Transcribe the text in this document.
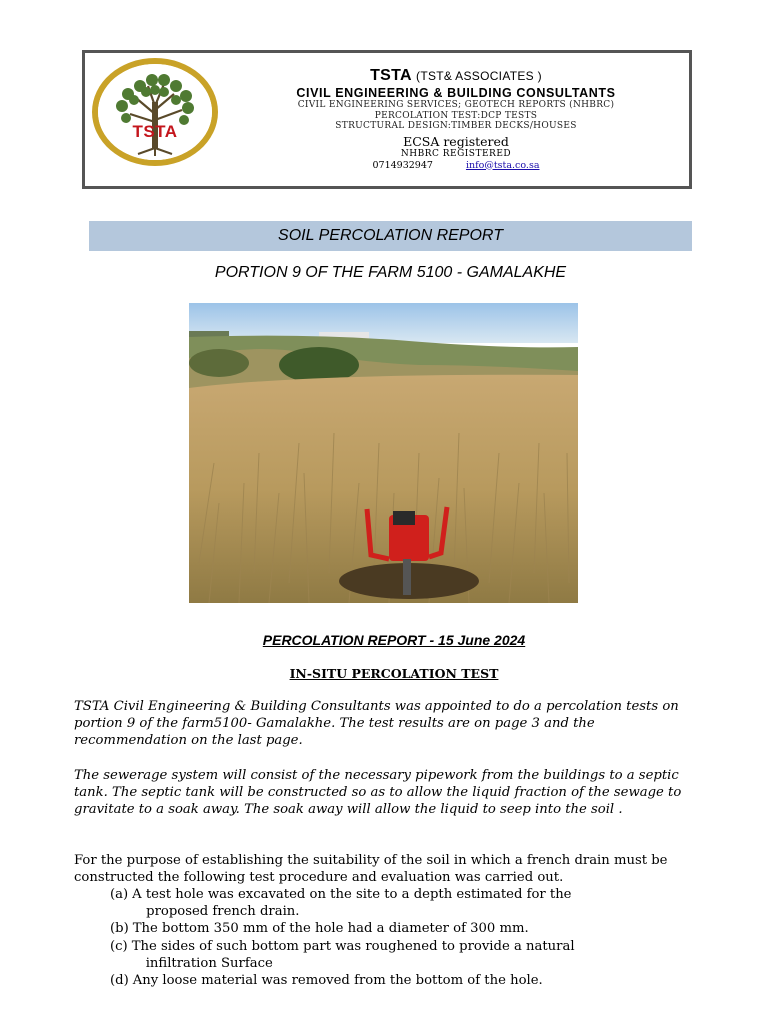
TSTA
TSTA (TST& ASSOCIATES )
CIVIL ENGINEERING & BUILDING CONSULTANTS
CIVIL ENGINEERING SERVICES; GEOTECH REPORTS (NHBRC)
PERCOLATION TEST:DCP TESTS
STRUCTURAL DESIGN:TIMBER DECKS/HOUSES
ECSA registered
NHBRC REGISTERED
0714932947	info@tsta.co.sa
SOIL PERCOLATION REPORT
PORTION 9 OF THE FARM 5100 - GAMALAKHE
PERCOLATION REPORT - 15 June 2024
IN-SITU PERCOLATION TEST
TSTA Civil Engineering & Building Consultants was appointed to do a percolation tests on portion 9 of the farm5100- Gamalakhe. The test results are on page 3 and the recommendation on the last page.
The sewerage system will consist of the necessary pipework from the buildings to a septic tank. The septic tank will be constructed so as to allow the liquid fraction of the sewage to gravitate to a soak away. The soak away will allow the liquid to seep into the soil .
For the purpose of establishing the suitability of the soil in which a french drain must be constructed the following test procedure and evaluation was carried out.
(a) A test hole was excavated on the site to a depth estimated for the
proposed french drain.
(b) The bottom 350 mm of the hole had a diameter of 300 mm.
(c) The sides of such bottom part was roughened to provide a natural
infiltration Surface
(d) Any loose material was removed from the bottom of the hole.
